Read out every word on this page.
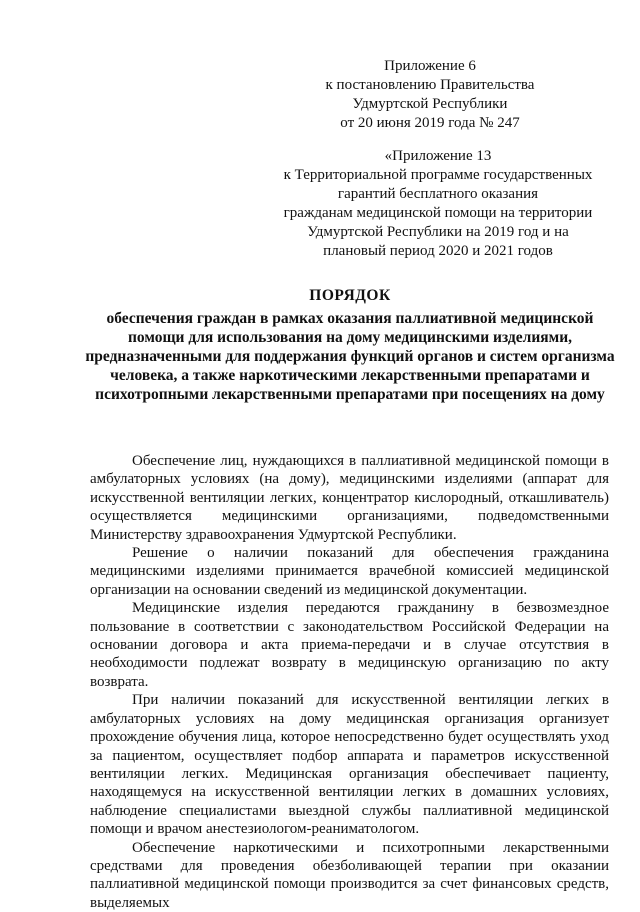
Приложение 6
к постановлению Правительства
Удмуртской Республики
от 20 июня 2019 года № 247
«Приложение 13
к Территориальной программе государственных
гарантий бесплатного оказания
гражданам медицинской помощи на территории
Удмуртской Республики на 2019 год и на
плановый период 2020 и 2021 годов
ПОРЯДОК
обеспечения граждан в рамках оказания паллиативной медицинской
помощи для использования на дому медицинскими изделиями,
предназначенными для поддержания функций органов и систем организма
человека, а также наркотическими лекарственными препаратами и
психотропными лекарственными препаратами при посещениях на дому

Обеспечение лиц, нуждающихся в паллиативной медицинской помощи в амбулаторных условиях (на дому), медицинскими изделиями (аппарат для искусственной вентиляции легких, концентратор кислородный, откашливатель) осуществляется медицинскими организациями, подведомственными Министерству здравоохранения Удмуртской Республики.

Решение о наличии показаний для обеспечения гражданина медицинскими изделиями принимается врачебной комиссией медицинской организации на основании сведений из медицинской документации.

Медицинские изделия передаются гражданину в безвозмездное пользование в соответствии с законодательством Российской Федерации на основании договора и акта приема-передачи и в случае отсутствия в необходимости подлежат возврату в медицинскую организацию по акту возврата.

При наличии показаний для искусственной вентиляции легких в амбулаторных условиях на дому медицинская организация организует прохождение обучения лица, которое непосредственно будет осуществлять уход за пациентом, осуществляет подбор аппарата и параметров искусственной вентиляции легких. Медицинская организация обеспечивает пациенту, находящемуся на искусственной вентиляции легких в домашних условиях, наблюдение специалистами выездной службы паллиативной медицинской помощи и врачом анестезиологом-реаниматологом.

Обеспечение наркотическими и психотропными лекарственными средствами для проведения обезболивающей терапии при оказании паллиативной медицинской помощи производится за счет финансовых средств, выделяемых
